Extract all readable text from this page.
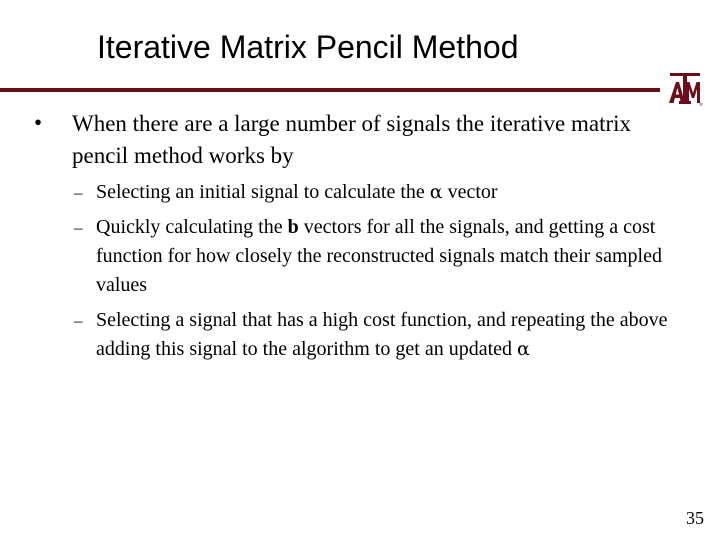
Iterative Matrix Pencil Method
®
• When there are a large number of signals the iterative matrix pencil method works by
– Selecting an initial signal to calculate the α vector
– Quickly calculating the b vectors for all the signals, and getting a cost function for how closely the reconstructed signals match their sampled values
– Selecting a signal that has a high cost function, and repeating the above adding this signal to the algorithm to get an updated α
35
